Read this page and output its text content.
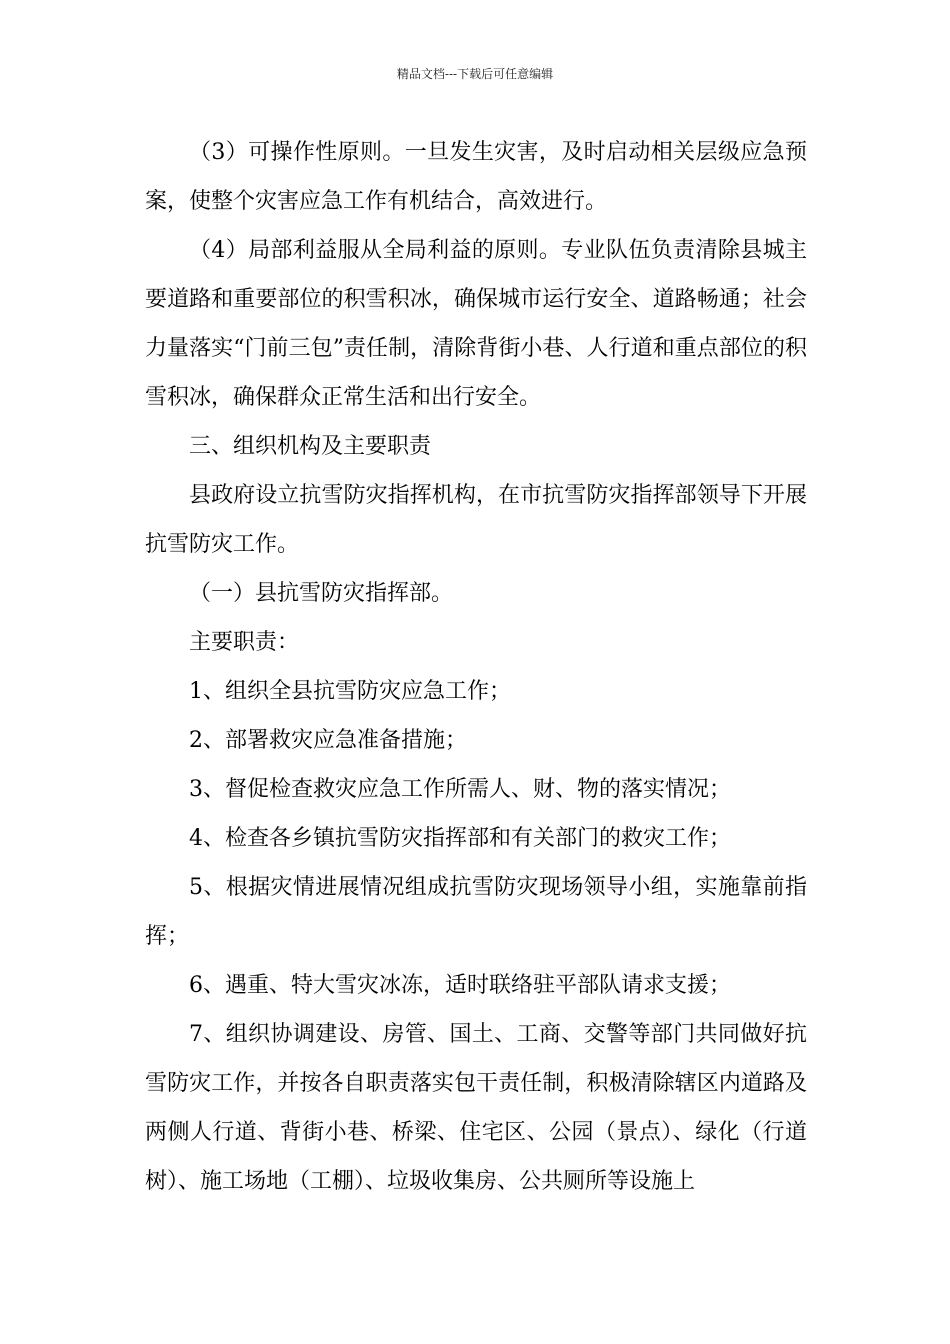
精品文档---下载后可任意编辑

（3）可操作性原则。一旦发生灾害，及时启动相关层级应急预案，使整个灾害应急工作有机结合，高效进行。

（4）局部利益服从全局利益的原则。专业队伍负责清除县城主要道路和重要部位的积雪积冰，确保城市运行安全、道路畅通；社会力量落实“门前三包”责任制，清除背街小巷、人行道和重点部位的积雪积冰，确保群众正常生活和出行安全。

三、组织机构及主要职责

县政府设立抗雪防灾指挥机构，在市抗雪防灾指挥部领导下开展抗雪防灾工作。

（一）县抗雪防灾指挥部。

主要职责：

1、组织全县抗雪防灾应急工作；

2、部署救灾应急准备措施；

3、督促检查救灾应急工作所需人、财、物的落实情况；

4、检查各乡镇抗雪防灾指挥部和有关部门的救灾工作；

5、根据灾情进展情况组成抗雪防灾现场领导小组，实施靠前指挥；

6、遇重、特大雪灾冰冻，适时联络驻平部队请求支援；

7、组织协调建设、房管、国土、工商、交警等部门共同做好抗雪防灾工作，并按各自职责落实包干责任制，积极清除辖区内道路及两侧人行道、背街小巷、桥梁、住宅区、公园（景点）、绿化（行道树）、施工场地（工棚）、垃圾收集房、公共厕所等设施上
